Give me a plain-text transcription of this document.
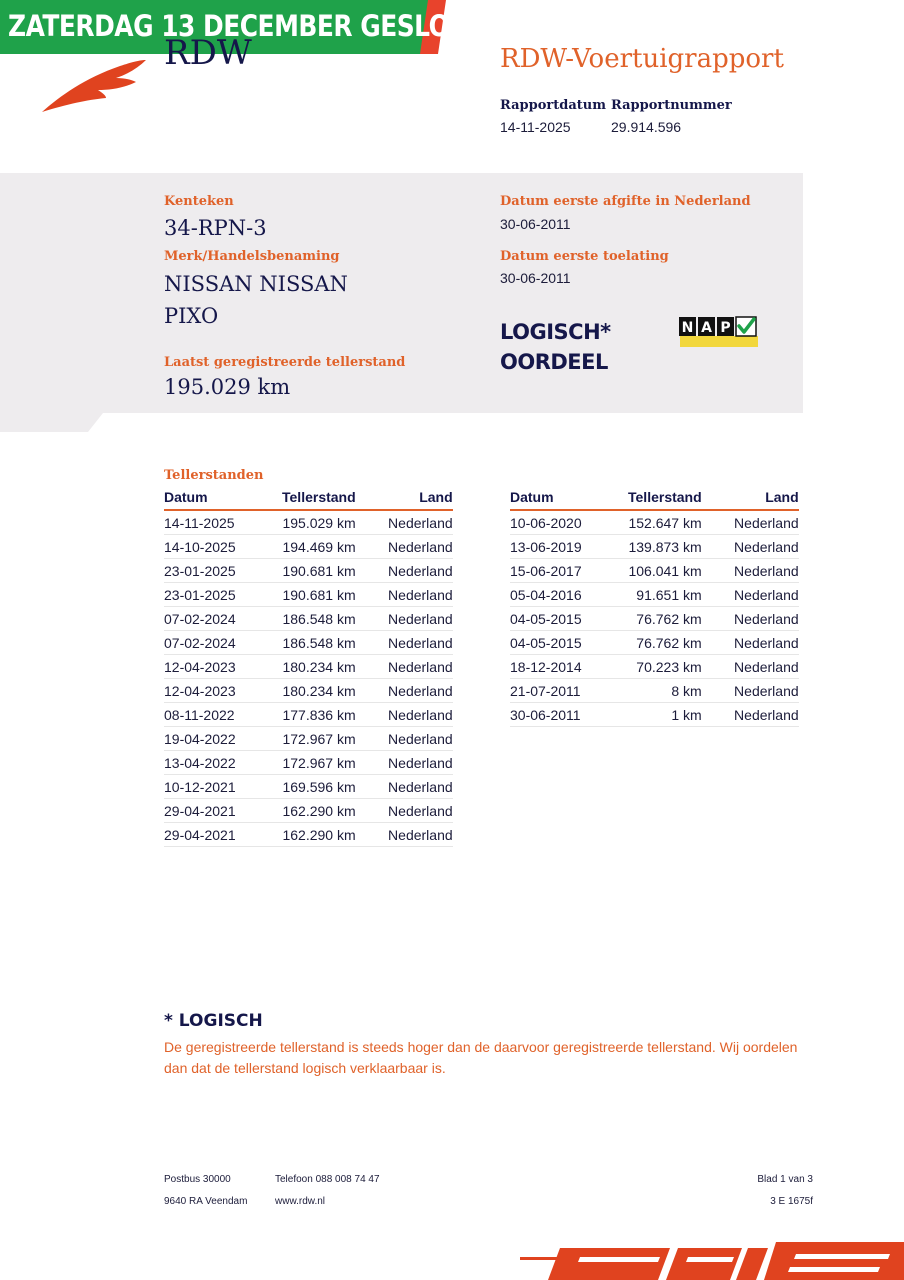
ZATERDAG 13 DECEMBER GESLOTEN
RDW	RDW-Voertuigrapport
Rapportdatum
14-11-2025
Rapportnummer
29.914.596
Kenteken
34-RPN-3
Merk/Handelsbenaming
NISSAN NISSAN
PIXO
Laatst geregistreerde tellerstand
195.029 km
Datum eerste afgifte in Nederland
30-06-2011
Datum eerste toelating
30-06-2011
LOGISCH*
OORDEEL
N A P
Tellerstanden
Datum	Tellerstand	Land
14-11-2025	195.029 km	Nederland
14-10-2025	194.469 km	Nederland
23-01-2025	190.681 km	Nederland
23-01-2025	190.681 km	Nederland
07-02-2024	186.548 km	Nederland
07-02-2024	186.548 km	Nederland
12-04-2023	180.234 km	Nederland
12-04-2023	180.234 km	Nederland
08-11-2022	177.836 km	Nederland
19-04-2022	172.967 km	Nederland
13-04-2022	172.967 km	Nederland
10-12-2021	169.596 km	Nederland
29-04-2021	162.290 km	Nederland
29-04-2021	162.290 km	Nederland
Datum	Tellerstand	Land
10-06-2020	152.647 km	Nederland
13-06-2019	139.873 km	Nederland
15-06-2017	106.041 km	Nederland
05-04-2016	91.651 km	Nederland
04-05-2015	76.762 km	Nederland
04-05-2015	76.762 km	Nederland
18-12-2014	70.223 km	Nederland
21-07-2011	8 km	Nederland
30-06-2011	1 km	Nederland
* LOGISCH
De geregistreerde tellerstand is steeds hoger dan de daarvoor geregistreerde tellerstand. Wij oordelen dan dat de tellerstand logisch verklaarbaar is.
Postbus 30000
9640 RA Veendam
Telefoon 088 008 74 47
www.rdw.nl
Blad 1 van 3
3 E 1675f
